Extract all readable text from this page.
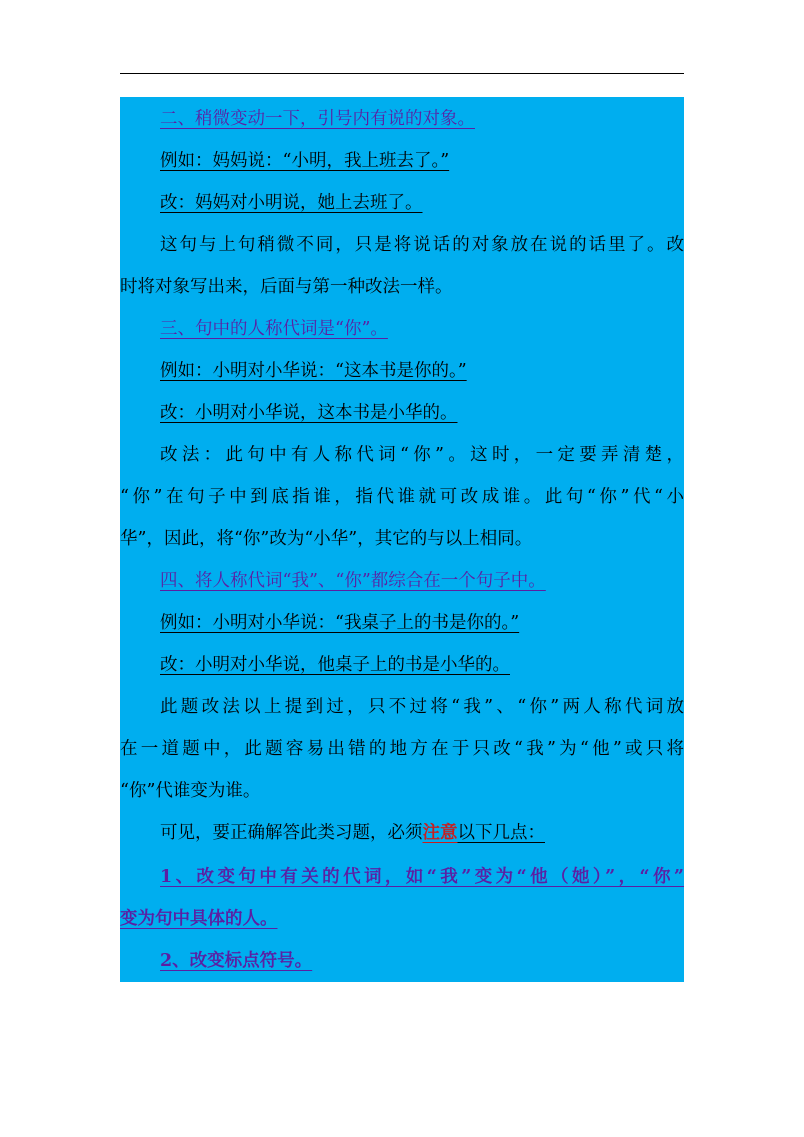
二、稍微变动一下，引号内有说的对象。
例如：妈妈说：“小明，我上班去了。”
改：妈妈对小明说，她上去班了。
这句与上句稍微不同，只是将说话的对象放在说的话里了。改
时将对象写出来，后面与第一种改法一样。
三、句中的人称代词是“你”。
例如：小明对小华说：“这本书是你的。”
改：小明对小华说，这本书是小华的。
改法：此句中有人称代词“你”。这时，一定要弄清楚，
“你”在句子中到底指谁，指代谁就可改成谁。此句“你”代“小
华”，因此，将“你”改为“小华”，其它的与以上相同。
四、将人称代词“我”、“你”都综合在一个句子中。
例如：小明对小华说：“我桌子上的书是你的。”
改：小明对小华说，他桌子上的书是小华的。
此题改法以上提到过，只不过将“我”、“你”两人称代词放
在一道题中，此题容易出错的地方在于只改“我”为“他”或只将
“你”代谁变为谁。
可见，要正确解答此类习题，必须注意以下几点：
1、改变句中有关的代词，如“我”变为“他（她）”，“你”
变为句中具体的人。
2、改变标点符号。
